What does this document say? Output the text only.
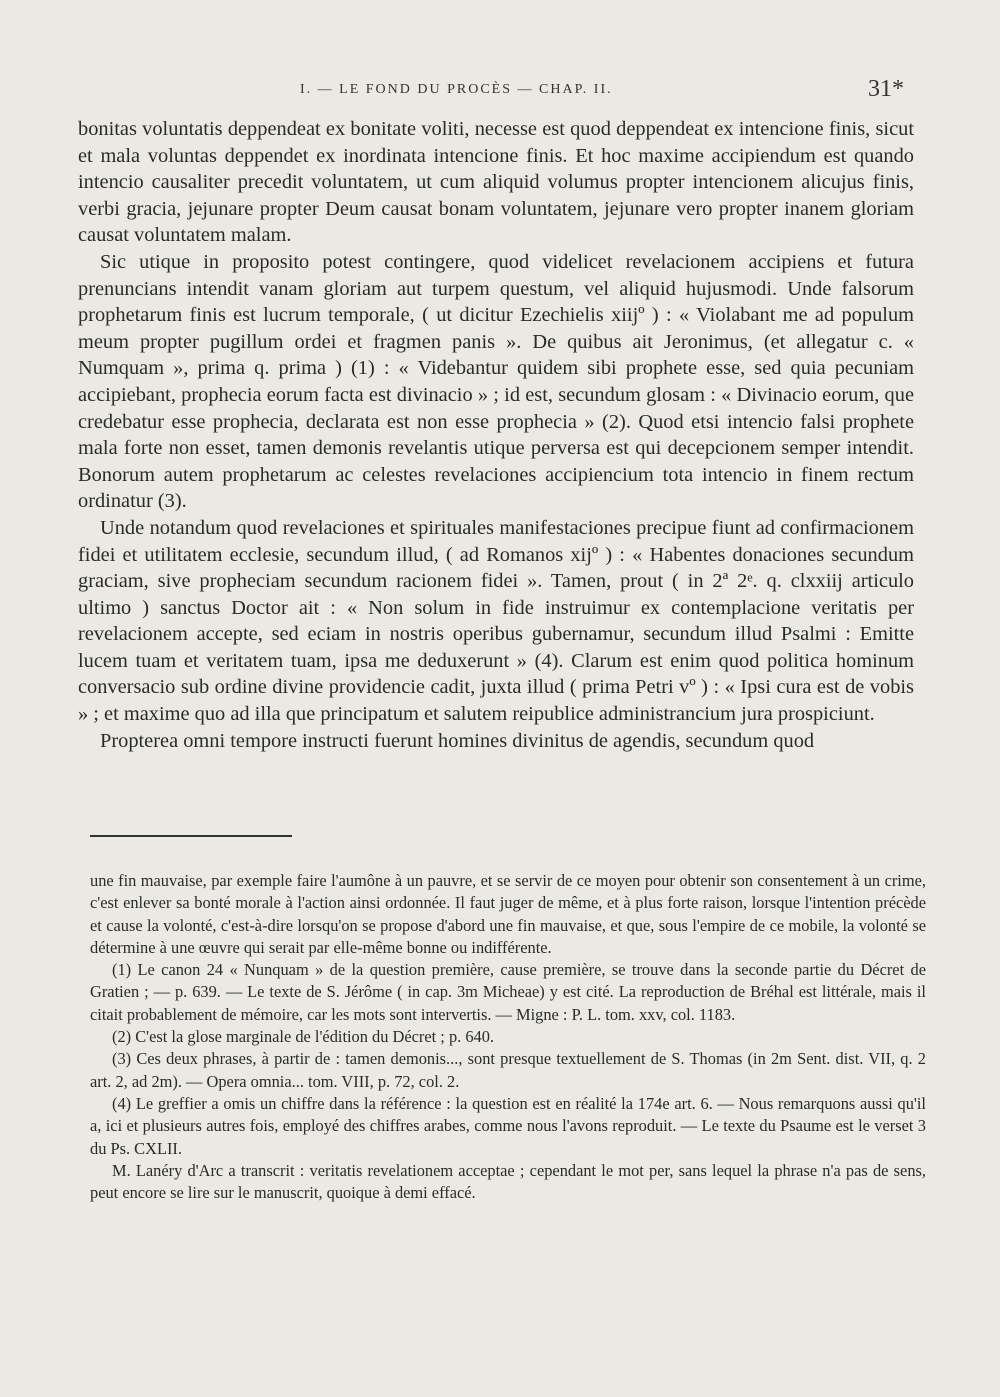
I. — LE FOND DU PROCÈS — CHAP. II.	31*

bonitas voluntatis deppendeat ex bonitate voliti, necesse est quod deppendeat ex intencione finis, sicut et mala voluntas deppendet ex inordinata intencione finis. Et hoc maxime accipiendum est quando intencio causaliter precedit voluntatem, ut cum aliquid volumus propter intencionem alicujus finis, verbi gracia, jejunare propter Deum causat bonam voluntatem, jejunare vero propter inanem gloriam causat voluntatem malam.

Sic utique in proposito potest contingere, quod videlicet revelacionem accipiens et futura prenuncians intendit vanam gloriam aut turpem questum, vel aliquid hujusmodi. Unde falsorum prophetarum finis est lucrum temporale, ( ut dicitur Ezechielis xiijº ) : « Violabant me ad populum meum propter pugillum ordei et fragmen panis ». De quibus ait Jeronimus, (et allegatur c. « Numquam », prima q. prima ) (1) : « Videbantur quidem sibi prophete esse, sed quia pecuniam accipiebant, prophecia eorum facta est divinacio » ; id est, secundum glosam : « Divinacio eorum, que credebatur esse prophecia, declarata est non esse prophecia » (2). Quod etsi intencio falsi prophete mala forte non esset, tamen demonis revelantis utique perversa est qui decepcionem semper intendit. Bonorum autem prophetarum ac celestes revelaciones accipiencium tota intencio in finem rectum ordinatur (3).

Unde notandum quod revelaciones et spirituales manifestaciones precipue fiunt ad confirmacionem fidei et utilitatem ecclesie, secundum illud, ( ad Romanos xijº ) : « Habentes donaciones secundum graciam, sive propheciam secundum racionem fidei ». Tamen, prout ( in 2ª 2ᵉ. q. clxxiij articulo ultimo ) sanctus Doctor ait : « Non solum in fide instruimur ex contemplacione veritatis per revelacionem accepte, sed eciam in nostris operibus gubernamur, secundum illud Psalmi : Emitte lucem tuam et veritatem tuam, ipsa me deduxerunt » (4). Clarum est enim quod politica hominum conversacio sub ordine divine providencie cadit, juxta illud ( prima Petri vº ) : « Ipsi cura est de vobis » ; et maxime quo ad illa que principatum et salutem reipublice administrancium jura prospiciunt.

Propterea omni tempore instructi fuerunt homines divinitus de agendis, secundum quod

une fin mauvaise, par exemple faire l'aumône à un pauvre, et se servir de ce moyen pour obtenir son consentement à un crime, c'est enlever sa bonté morale à l'action ainsi ordonnée. Il faut juger de même, et à plus forte raison, lorsque l'intention précède et cause la volonté, c'est-à-dire lorsqu'on se propose d'abord une fin mauvaise, et que, sous l'empire de ce mobile, la volonté se détermine à une œuvre qui serait par elle-même bonne ou indifférente.

(1) Le canon 24 « Nunquam » de la question première, cause première, se trouve dans la seconde partie du Décret de Gratien ; — p. 639. — Le texte de S. Jérôme ( in cap. 3m Micheae) y est cité. La reproduction de Bréhal est littérale, mais il citait probablement de mémoire, car les mots sont intervertis. — Migne : P. L. tom. xxv, col. 1183.

(2) C'est la glose marginale de l'édition du Décret ; p. 640.

(3) Ces deux phrases, à partir de : tamen demonis..., sont presque textuellement de S. Thomas (in 2m Sent. dist. VII, q. 2 art. 2, ad 2m). — Opera omnia... tom. VIII, p. 72, col. 2.

(4) Le greffier a omis un chiffre dans la référence : la question est en réalité la 174e art. 6. — Nous remarquons aussi qu'il a, ici et plusieurs autres fois, employé des chiffres arabes, comme nous l'avons reproduit. — Le texte du Psaume est le verset 3 du Ps. CXLII.

M. Lanéry d'Arc a transcrit : veritatis revelationem acceptae ; cependant le mot per, sans lequel la phrase n'a pas de sens, peut encore se lire sur le manuscrit, quoique à demi effacé.
